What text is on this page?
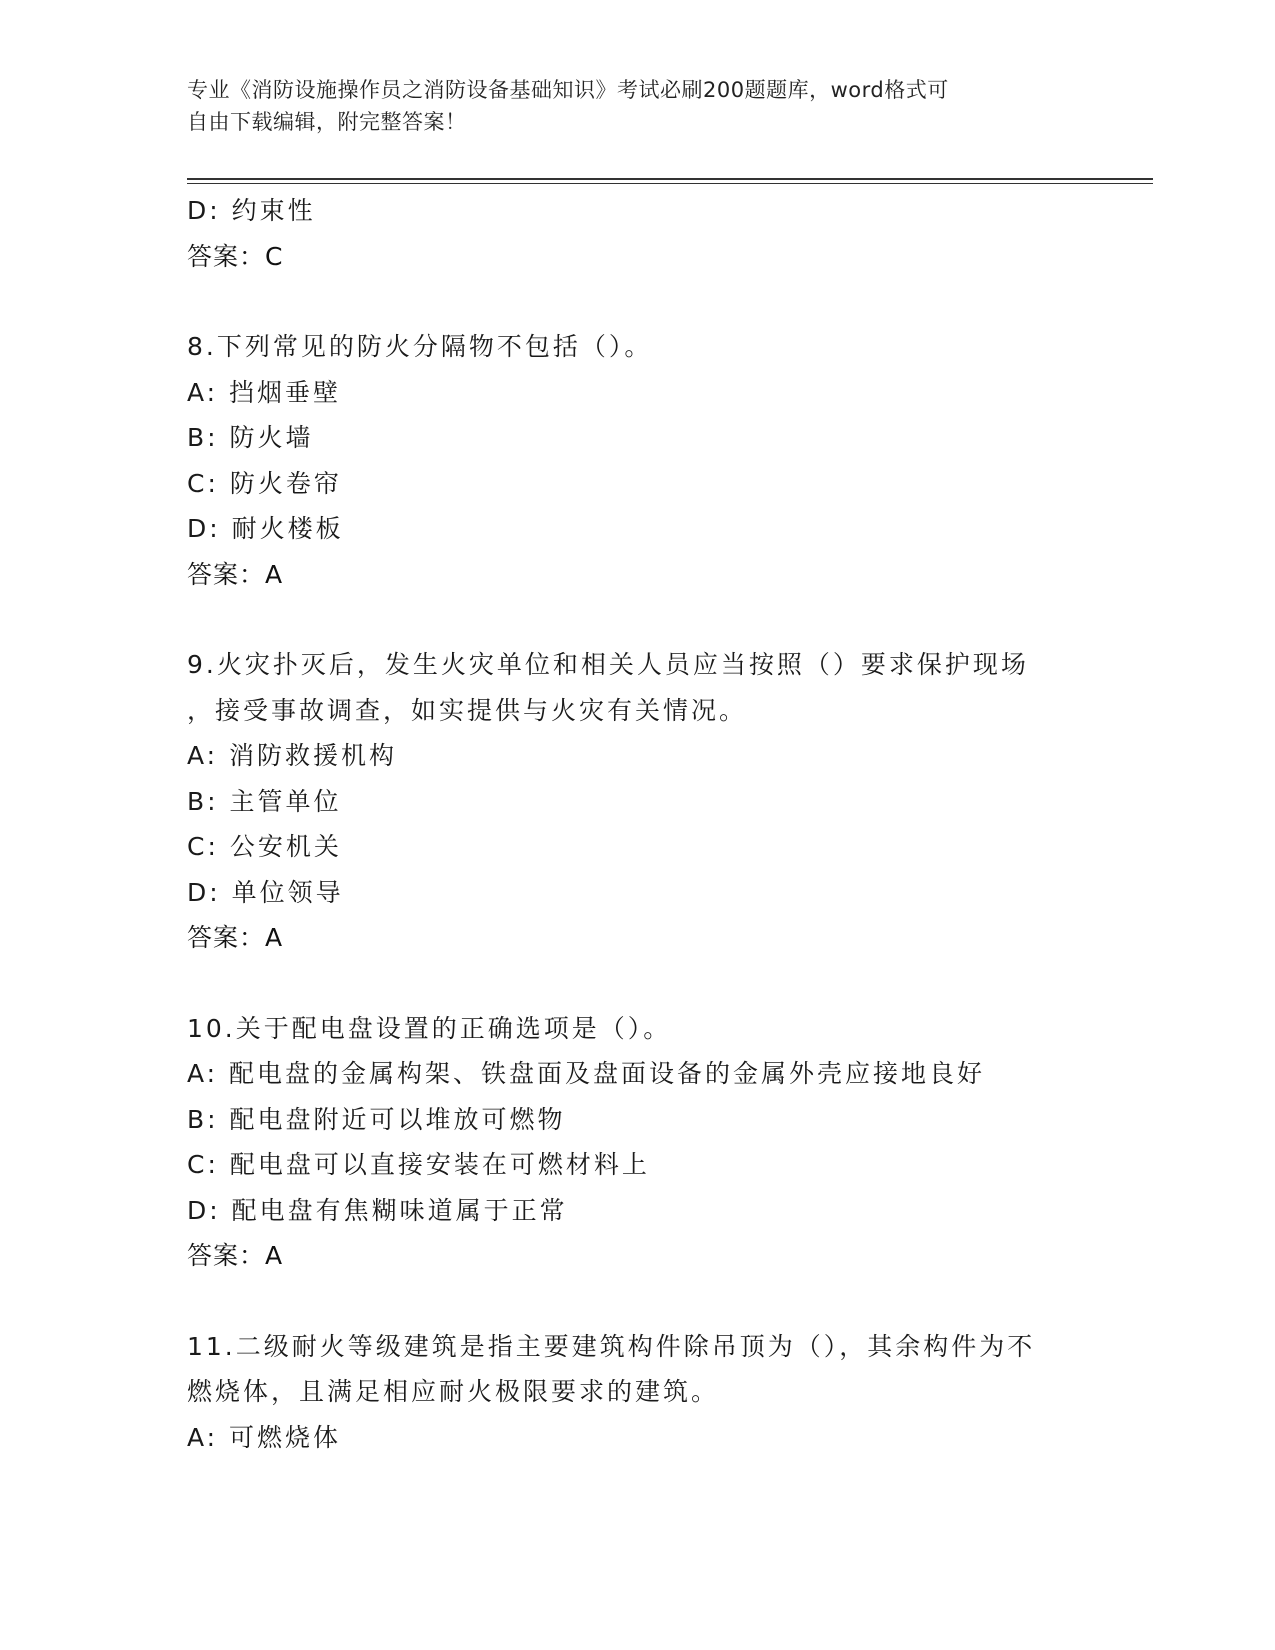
专业《消防设施操作员之消防设备基础知识》考试必刷200题题库，word格式可
自由下载编辑，附完整答案！
D: 约束性
答案：C
8.下列常见的防火分隔物不包括（）。
A: 挡烟垂壁
B: 防火墙
C: 防火卷帘
D: 耐火楼板
答案：A
9.火灾扑灭后，发生火灾单位和相关人员应当按照（）要求保护现场
，接受事故调查，如实提供与火灾有关情况。
A: 消防救援机构
B: 主管单位
C: 公安机关
D: 单位领导
答案：A
10.关于配电盘设置的正确选项是（）。
A: 配电盘的金属构架、铁盘面及盘面设备的金属外壳应接地良好
B: 配电盘附近可以堆放可燃物
C: 配电盘可以直接安装在可燃材料上
D: 配电盘有焦糊味道属于正常
答案：A
11.二级耐火等级建筑是指主要建筑构件除吊顶为（），其余构件为不
燃烧体，且满足相应耐火极限要求的建筑。
A: 可燃烧体
